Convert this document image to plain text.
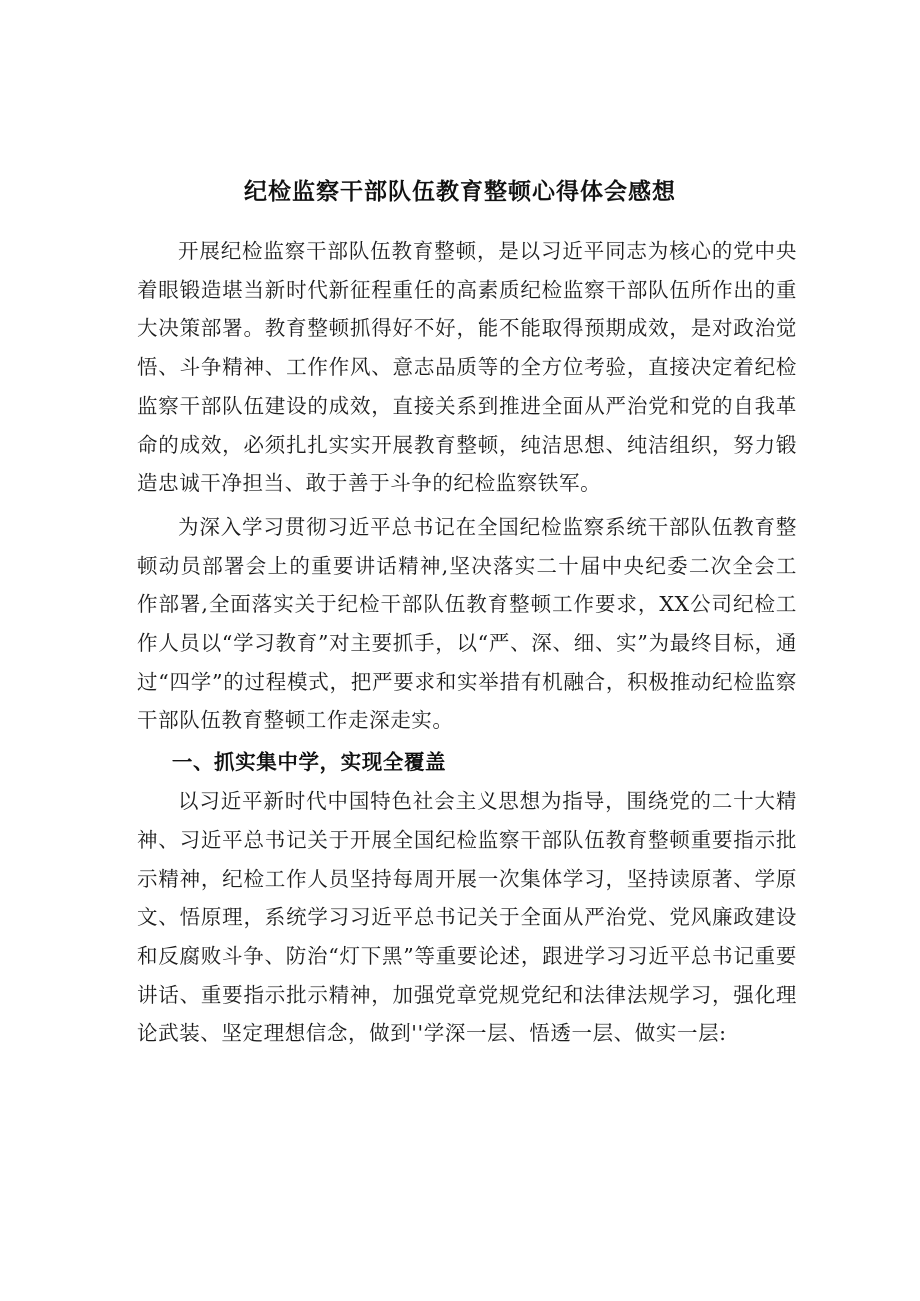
纪检监察干部队伍教育整顿心得体会感想

开展纪检监察干部队伍教育整顿，是以习近平同志为核心的党中央着眼锻造堪当新时代新征程重任的高素质纪检监察干部队伍所作出的重大决策部署。教育整顿抓得好不好，能不能取得预期成效，是对政治觉悟、斗争精神、工作作风、意志品质等的全方位考验，直接决定着纪检监察干部队伍建设的成效，直接关系到推进全面从严治党和党的自我革命的成效，必须扎扎实实开展教育整顿，纯洁思想、纯洁组织，努力锻造忠诚干净担当、敢于善于斗争的纪检监察铁军。

为深入学习贯彻习近平总书记在全国纪检监察系统干部队伍教育整顿动员部署会上的重要讲话精神,坚决落实二十届中央纪委二次全会工作部署,全面落实关于纪检干部队伍教育整顿工作要求，XX公司纪检工作人员以“学习教育”对主要抓手，以“严、深、细、实”为最终目标，通过“四学”的过程模式，把严要求和实举措有机融合，积极推动纪检监察干部队伍教育整顿工作走深走实。

一、抓实集中学，实现全覆盖

以习近平新时代中国特色社会主义思想为指导，围绕党的二十大精神、习近平总书记关于开展全国纪检监察干部队伍教育整顿重要指示批示精神，纪检工作人员坚持每周开展一次集体学习，坚持读原著、学原文、悟原理，系统学习习近平总书记关于全面从严治党、党风廉政建设和反腐败斗争、防治“灯下黑”等重要论述，跟进学习习近平总书记重要讲话、重要指示批示精神，加强党章党规党纪和法律法规学习，强化理论武装、坚定理想信念，做到''学深一层、悟透一层、做实一层:
